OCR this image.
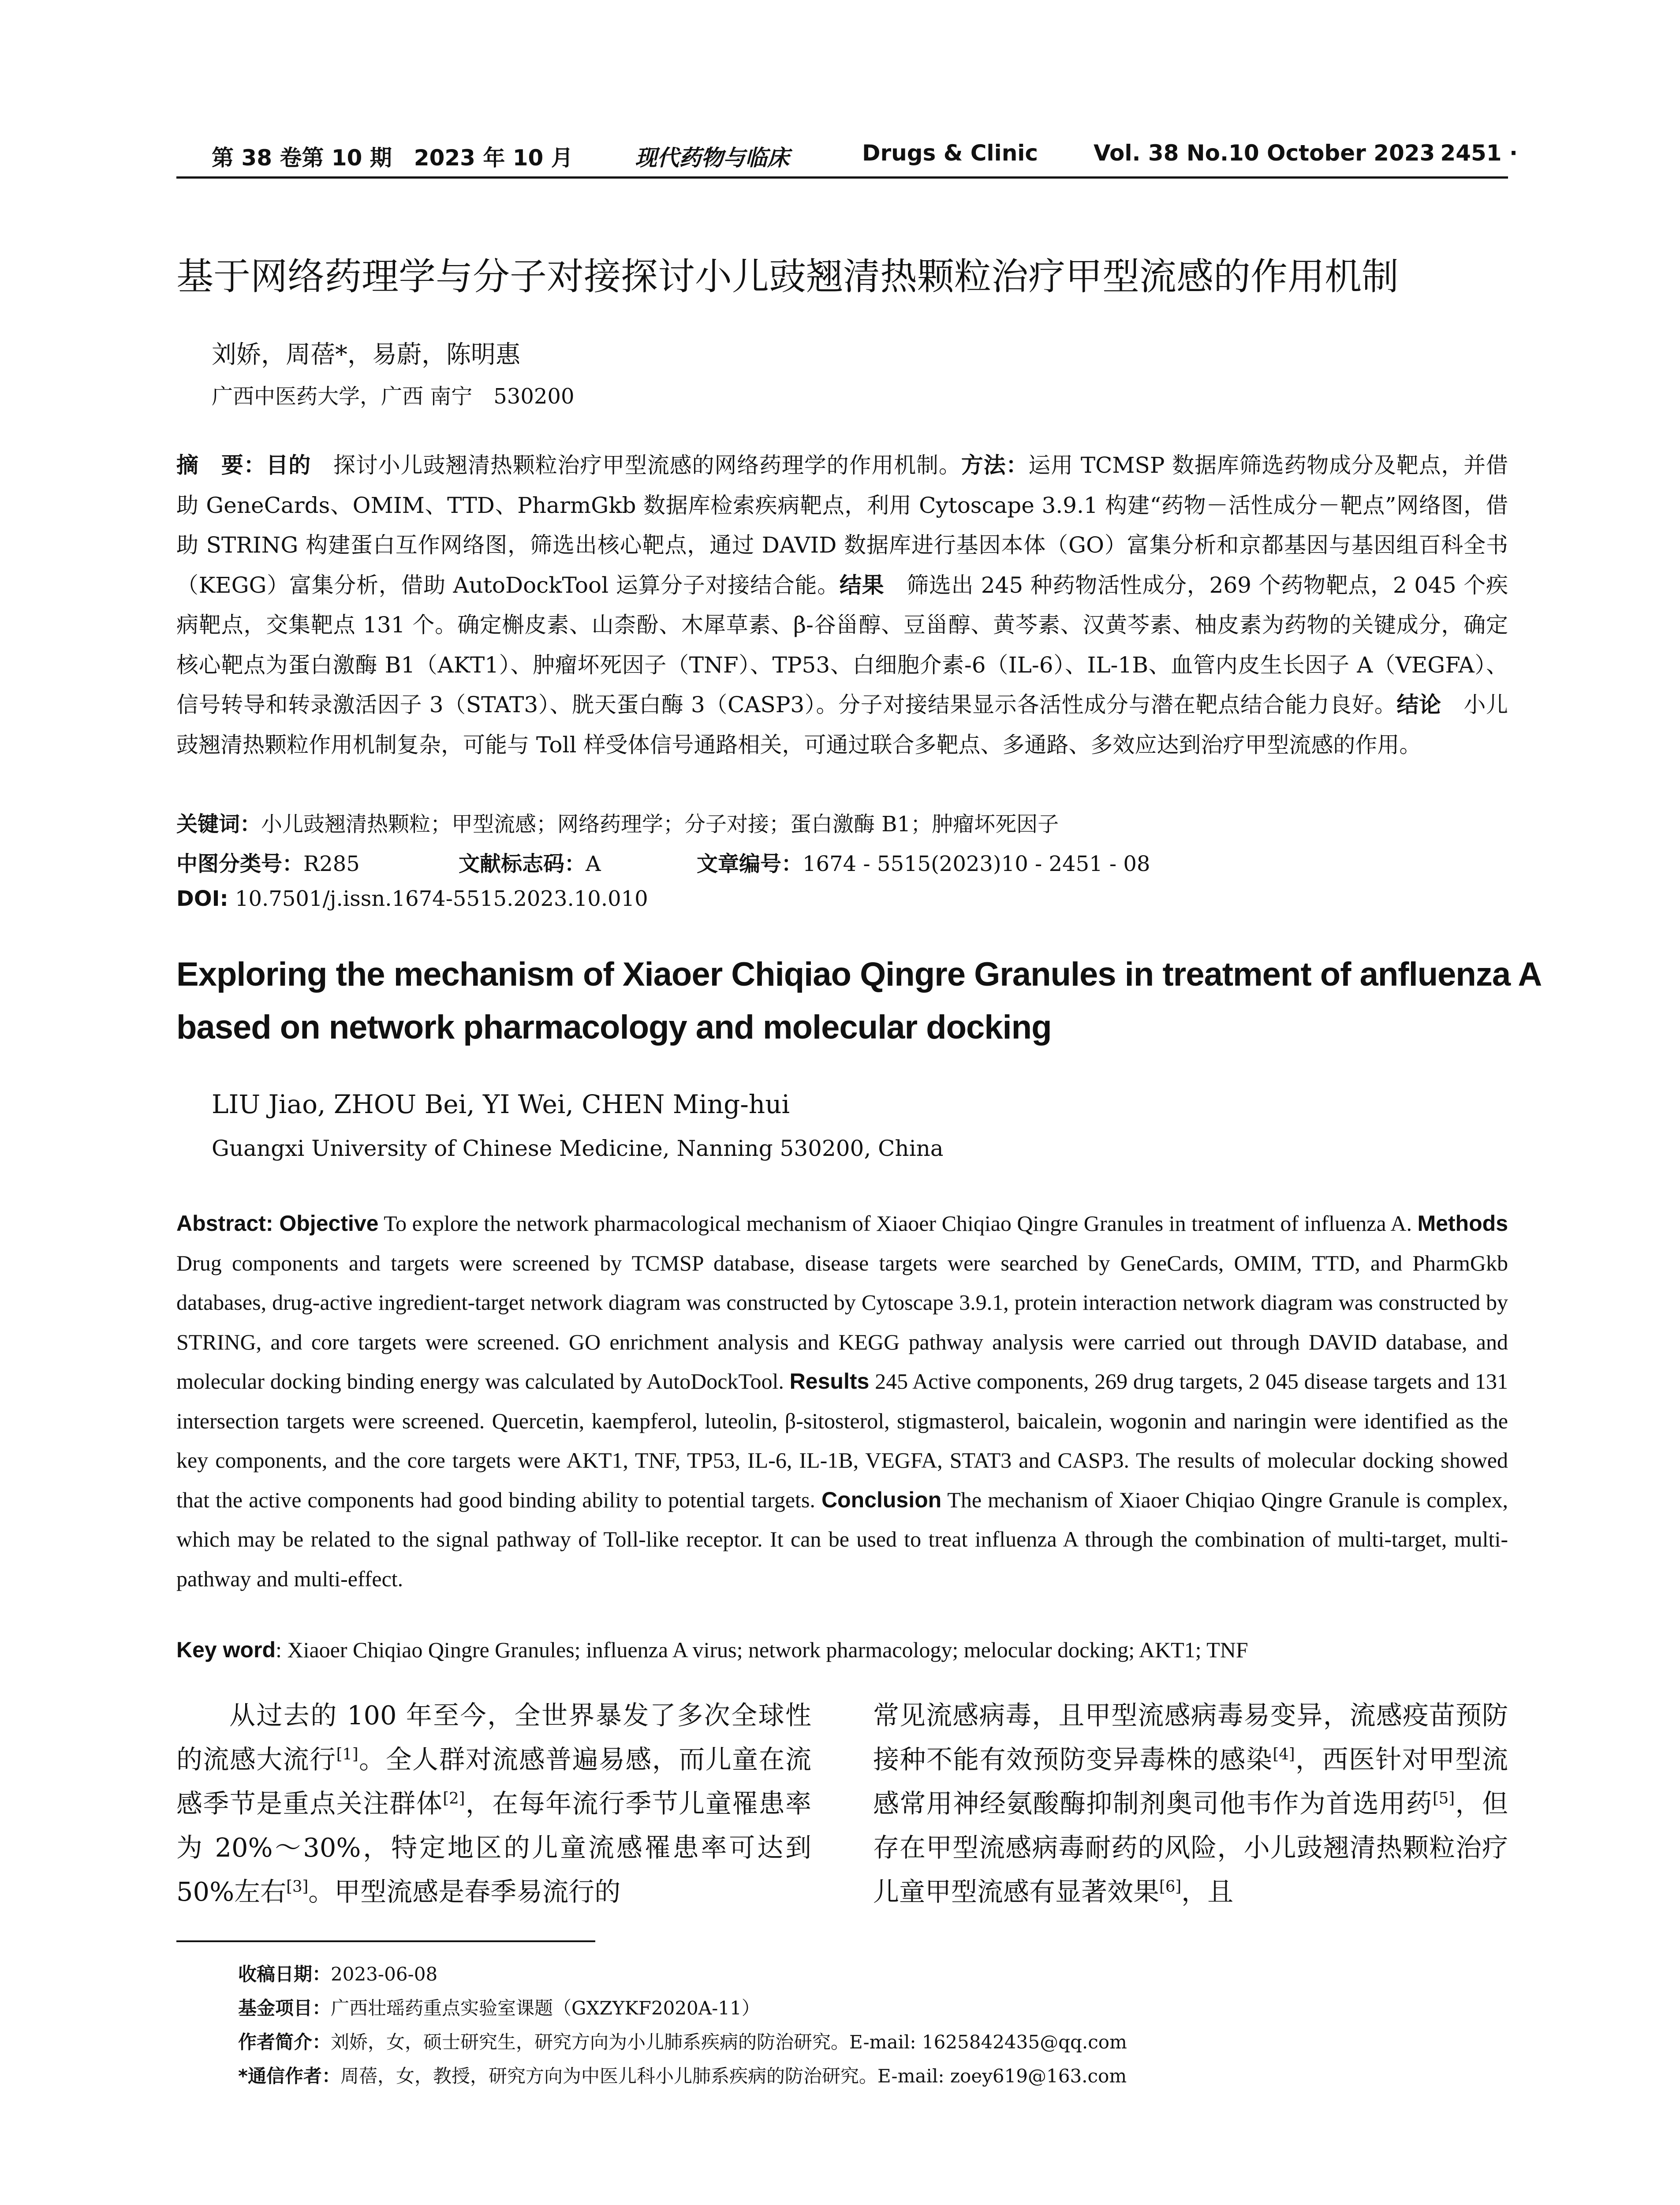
第 38 卷第 10 期　2023 年 10 月	现代药物与临床	Drugs & Clinic	Vol. 38 No.10 October 2023
· 2451 ·
基于网络药理学与分子对接探讨小儿豉翘清热颗粒治疗甲型流感的作用机制
刘娇，周蓓*，易蔚，陈明惠
广西中医药大学，广西 南宁　530200
摘　要：目的　探讨小儿豉翘清热颗粒治疗甲型流感的网络药理学的作用机制。方法：运用 TCMSP 数据库筛选药物成分及靶点，并借助 GeneCards、OMIM、TTD、PharmGkb 数据库检索疾病靶点，利用 Cytoscape 3.9.1 构建“药物－活性成分－靶点”网络图，借助 STRING 构建蛋白互作网络图，筛选出核心靶点，通过 DAVID 数据库进行基因本体（GO）富集分析和京都基因与基因组百科全书（KEGG）富集分析，借助 AutoDockTool 运算分子对接结合能。结果　筛选出 245 种药物活性成分，269 个药物靶点，2 045 个疾病靶点，交集靶点 131 个。确定槲皮素、山柰酚、木犀草素、β-谷甾醇、豆甾醇、黄芩素、汉黄芩素、柚皮素为药物的关键成分，确定核心靶点为蛋白激酶 B1（AKT1）、肿瘤坏死因子（TNF）、TP53、白细胞介素-6（IL-6）、IL-1B、血管内皮生长因子 A（VEGFA）、信号转导和转录激活因子 3（STAT3）、胱天蛋白酶 3（CASP3）。分子对接结果显示各活性成分与潜在靶点结合能力良好。结论　小儿豉翘清热颗粒作用机制复杂，可能与 Toll 样受体信号通路相关，可通过联合多靶点、多通路、多效应达到治疗甲型流感的作用。
关键词：小儿豉翘清热颗粒；甲型流感；网络药理学；分子对接；蛋白激酶 B1；肿瘤坏死因子
中图分类号：R285	文献标志码：A	文章编号：1674 - 5515(2023)10 - 2451 - 08
DOI: 10.7501/j.issn.1674-5515.2023.10.010
Exploring the mechanism of Xiaoer Chiqiao Qingre Granules in treatment of anfluenza A based on network pharmacology and molecular docking
LIU Jiao, ZHOU Bei, YI Wei, CHEN Ming-hui
Guangxi University of Chinese Medicine, Nanning 530200, China
Abstract: Objective To explore the network pharmacological mechanism of Xiaoer Chiqiao Qingre Granules in treatment of influenza A. Methods Drug components and targets were screened by TCMSP database, disease targets were searched by GeneCards, OMIM, TTD, and PharmGkb databases, drug-active ingredient-target network diagram was constructed by Cytoscape 3.9.1, protein interaction network diagram was constructed by STRING, and core targets were screened. GO enrichment analysis and KEGG pathway analysis were carried out through DAVID database, and molecular docking binding energy was calculated by AutoDockTool. Results 245 Active components, 269 drug targets, 2 045 disease targets and 131 intersection targets were screened. Quercetin, kaempferol, luteolin, β-sitosterol, stigmasterol, baicalein, wogonin and naringin were identified as the key components, and the core targets were AKT1, TNF, TP53, IL-6, IL-1B, VEGFA, STAT3 and CASP3. The results of molecular docking showed that the active components had good binding ability to potential targets. Conclusion The mechanism of Xiaoer Chiqiao Qingre Granule is complex, which may be related to the signal pathway of Toll-like receptor. It can be used to treat influenza A through the combination of multi-target, multi-pathway and multi-effect.
Key word: Xiaoer Chiqiao Qingre Granules; influenza A virus; network pharmacology; melocular docking; AKT1; TNF
从过去的 100 年至今，全世界暴发了多次全球性的流感大流行[1]。全人群对流感普遍易感，而儿童在流感季节是重点关注群体[2]，在每年流行季节儿童罹患率为 20%～30%，特定地区的儿童流感罹患率可达到 50%左右[3]。甲型流感是春季易流行的
常见流感病毒，且甲型流感病毒易变异，流感疫苗预防接种不能有效预防变异毒株的感染[4]，西医针对甲型流感常用神经氨酸酶抑制剂奥司他韦作为首选用药[5]，但存在甲型流感病毒耐药的风险，小儿豉翘清热颗粒治疗儿童甲型流感有显著效果[6]，且
收稿日期：2023-06-08
基金项目：广西壮瑶药重点实验室课题（GXZYKF2020A-11）
作者简介：刘娇，女，硕士研究生，研究方向为小儿肺系疾病的防治研究。E-mail: 1625842435@qq.com
*通信作者：周蓓，女，教授，研究方向为中医儿科小儿肺系疾病的防治研究。E-mail: zoey619@163.com
